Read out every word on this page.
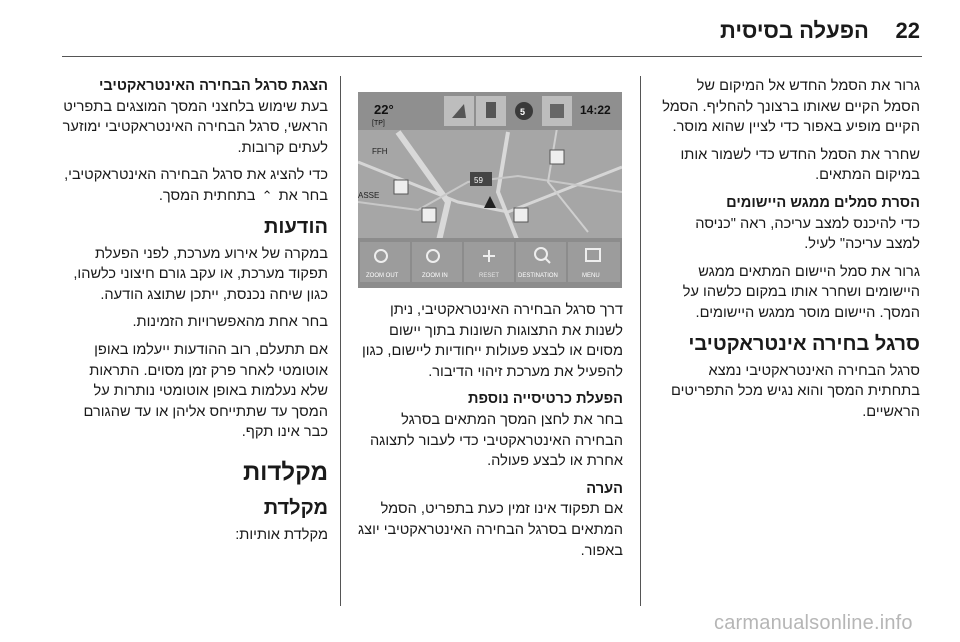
22
הפעלה בסיסית

גרור את הסמל החדש אל המיקום של הסמל הקיים שאותו ברצונך להחליף. הסמל הקיים מופיע באפור כדי לציין שהוא מוסר.

שחרר את הסמל החדש כדי לשמור אותו במיקום המתאים.

הסרת סמלים ממגש היישומים

כדי להיכנס למצב עריכה, ראה "כניסה למצב עריכה" לעיל.

גרור את סמל היישום המתאים ממגש היישומים ושחרר אותו במקום כלשהו על המסך. היישום מוסר ממגש היישומים.

סרגל בחירה אינטראקטיבי

סרגל הבחירה האינטראקטיבי נמצא בתחתית המסך והוא נגיש מכל התפריטים הראשיים.

22°
[TP]
14:22
5
FFH
ASSE
59
ZOOM OUT	ZOOM IN	RESET	DESTINATION	MENU

דרך סרגל הבחירה האינטראקטיבי, ניתן לשנות את התצוגות השונות בתוך יישום מסוים או לבצע פעולות ייחודיות ליישום, כגון להפעיל את מערכת זיהוי הדיבור.

הפעלת כרטיסייה נוספת

בחר את לחצן המסך המתאים בסרגל הבחירה האינטראקטיבי כדי לעבור לתצוגה אחרת או לבצע פעולה.

הערה

אם תפקוד אינו זמין כעת בתפריט, הסמל המתאים בסרגל הבחירה האינטראקטיבי יוצג באפור.

הצגת סרגל הבחירה האינטראקטיבי

בעת שימוש בלחצני המסך המוצגים בתפריט הראשי, סרגל הבחירה האינטראקטיבי ימוזער לעתים קרובות.

כדי להציג את סרגל הבחירה האינטראקטיבי, בחר את ⌃ בתחתית המסך.

הודעות

במקרה של אירוע מערכת, לפני הפעלת תפקוד מערכת, או עקב גורם חיצוני כלשהו, כגון שיחה נכנסת, ייתכן שתוצג הודעה.

בחר אחת מהאפשרויות הזמינות.

אם תתעלם, רוב ההודעות ייעלמו באופן אוטומטי לאחר פרק זמן מסוים. התראות שלא נעלמות באופן אוטומטי נותרות על המסך עד שתתייחס אליהן או עד שהגורם כבר אינו תקף.

מקלדות

מקלדת

מקלדת אותיות:

carmanualsonline.info
